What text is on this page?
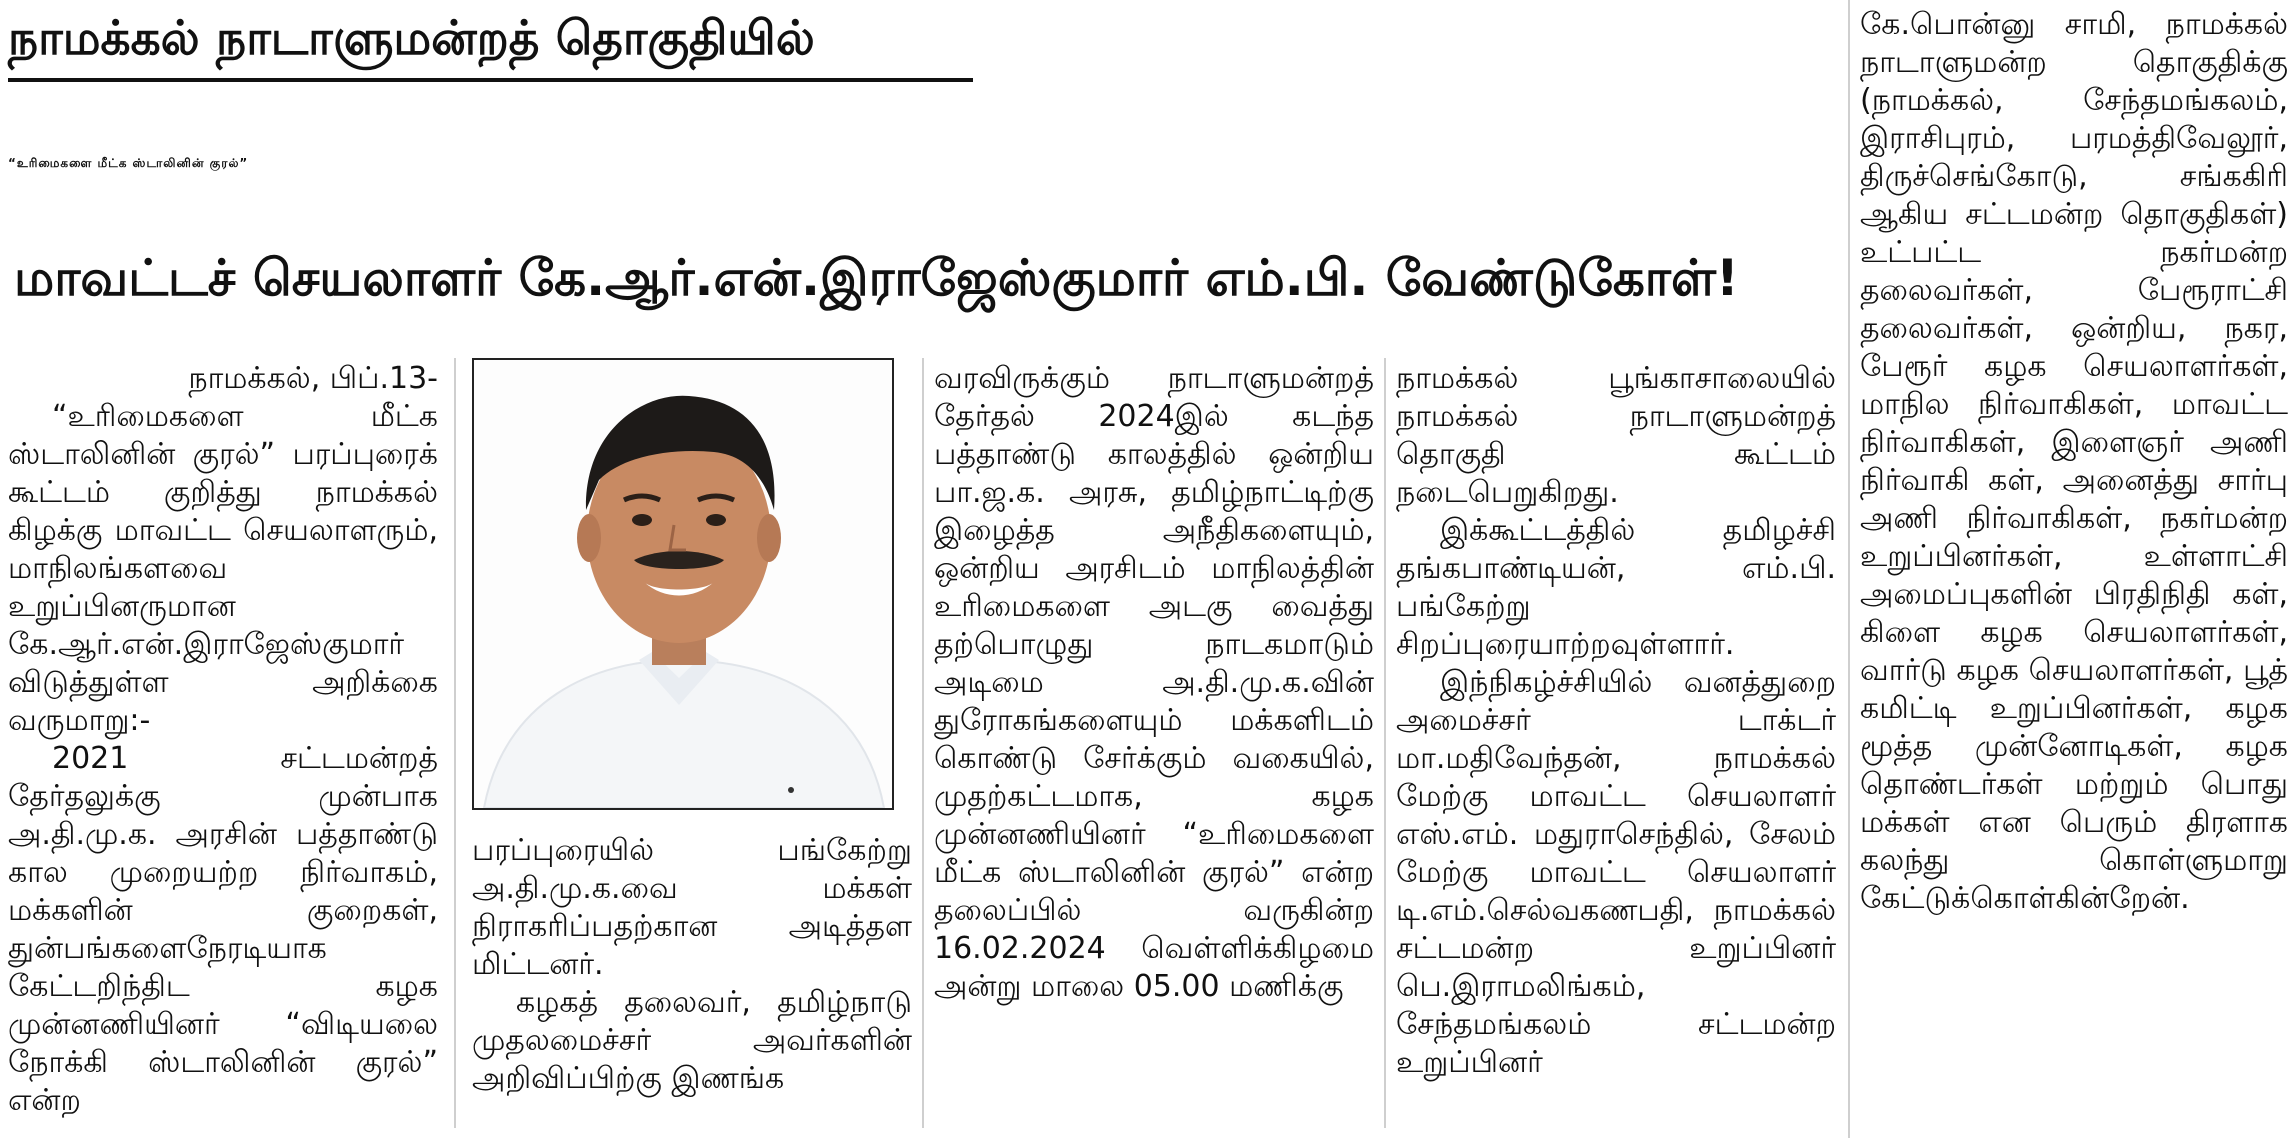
நாமக்கல் நாடாளுமன்றத் தொகுதியில்
“உரிமைகளை மீட்க ஸ்டாலினின் குரல்”
மாவட்டச் செயலாளர் கே.ஆர்.என்.இராஜேஸ்குமார் எம்.பி. வேண்டுகோள்!

நாமக்கல், பிப்.13-

“உரிமைகளை மீட்க ஸ்டாலினின் குரல்” பரப்புரைக் கூட்டம் குறித்து நாமக்கல் கிழக்கு மாவட்ட செயலாளரும், மாநிலங்களவை உறுப்பினருமான கே.ஆர்.என்.இராஜேஸ்குமார் விடுத்துள்ள அறிக்கை வருமாறு:-

2021 சட்டமன்றத் தேர்தலுக்கு முன்பாக அ.தி.மு.க. அரசின் பத்தாண்டு கால முறையற்ற நிர்வாகம், மக்களின் குறைகள், துன்பங்களைநேரடியாக கேட்டறிந்திட கழக முன்னணியினர் “விடியலை நோக்கி ஸ்டாலினின் குரல்” என்ற

பரப்புரையில் பங்கேற்று அ.தி.மு.க.வை மக்கள் நிராகரிப்பதற்கான அடித்தள மிட்டனர்.

கழகத் தலைவர், தமிழ்நாடு முதலமைச்சர் அவர்களின் அறிவிப்பிற்கு இணங்க

வரவிருக்கும் நாடாளுமன்றத் தேர்தல் 2024இல் கடந்த பத்தாண்டு காலத்தில் ஒன்றிய பா.ஜ.க. அரசு, தமிழ்நாட்டிற்கு இழைத்த அநீதிகளையும், ஒன்றிய அரசிடம் மாநிலத்தின் உரிமைகளை அடகு வைத்து தற்பொழுது நாடகமாடும் அடிமை அ.தி.மு.க.வின் துரோகங்களையும் மக்களிடம் கொண்டு சேர்க்கும் வகையில், முதற்கட்டமாக, கழக முன்னணியினர் “உரிமைகளை மீட்க ஸ்டாலினின் குரல்” என்ற தலைப்பில் வருகின்ற 16.02.2024 வெள்ளிக்கிழமை அன்று மாலை 05.00 மணிக்கு

நாமக்கல் பூங்காசாலையில் நாமக்கல் நாடாளுமன்றத் தொகுதி கூட்டம் நடைபெறுகிறது.

இக்கூட்டத்தில் தமிழச்சி தங்கபாண்டியன், எம்.பி. பங்கேற்று சிறப்புரையாற்றவுள்ளார்.

இந்நிகழ்ச்சியில் வனத்துறை அமைச்சர் டாக்டர் மா.மதிவேந்தன், நாமக்கல் மேற்கு மாவட்ட செயலாளர் எஸ்.எம். மதுராசெந்தில், சேலம் மேற்கு மாவட்ட செயலாளர் டி.எம்.செல்வகணபதி, நாமக்கல் சட்டமன்ற உறுப்பினர் பெ.இராமலிங்கம், சேந்தமங்கலம் சட்டமன்ற உறுப்பினர்

கே.பொன்னு சாமி, நாமக்கல் நாடாளுமன்ற தொகுதிக்கு (நாமக்கல், சேந்தமங்கலம், இராசிபுரம், பரமத்திவேலூர், திருச்செங்கோடு, சங்ககிரி ஆகிய சட்டமன்ற தொகுதிகள்) உட்பட்ட நகர்மன்ற தலைவர்கள், பேரூராட்சி தலைவர்கள், ஒன்றிய, நகர, பேரூர் கழக செயலாளர்கள், மாநில நிர்வாகிகள், மாவட்ட நிர்வாகிகள், இளைஞர் அணி நிர்வாகி கள், அனைத்து சார்பு அணி நிர்வாகிகள், நகர்மன்ற உறுப்பினர்கள், உள்ளாட்சி அமைப்புகளின் பிரதிநிதி கள், கிளை கழக செயலாளர்கள், வார்டு கழக செயலாளர்கள், பூத் கமிட்டி உறுப்பினர்கள், கழக மூத்த முன்னோடிகள், கழக தொண்டர்கள் மற்றும் பொது மக்கள் என பெரும் திரளாக கலந்து கொள்ளுமாறு கேட்டுக்கொள்கின்றேன்.
